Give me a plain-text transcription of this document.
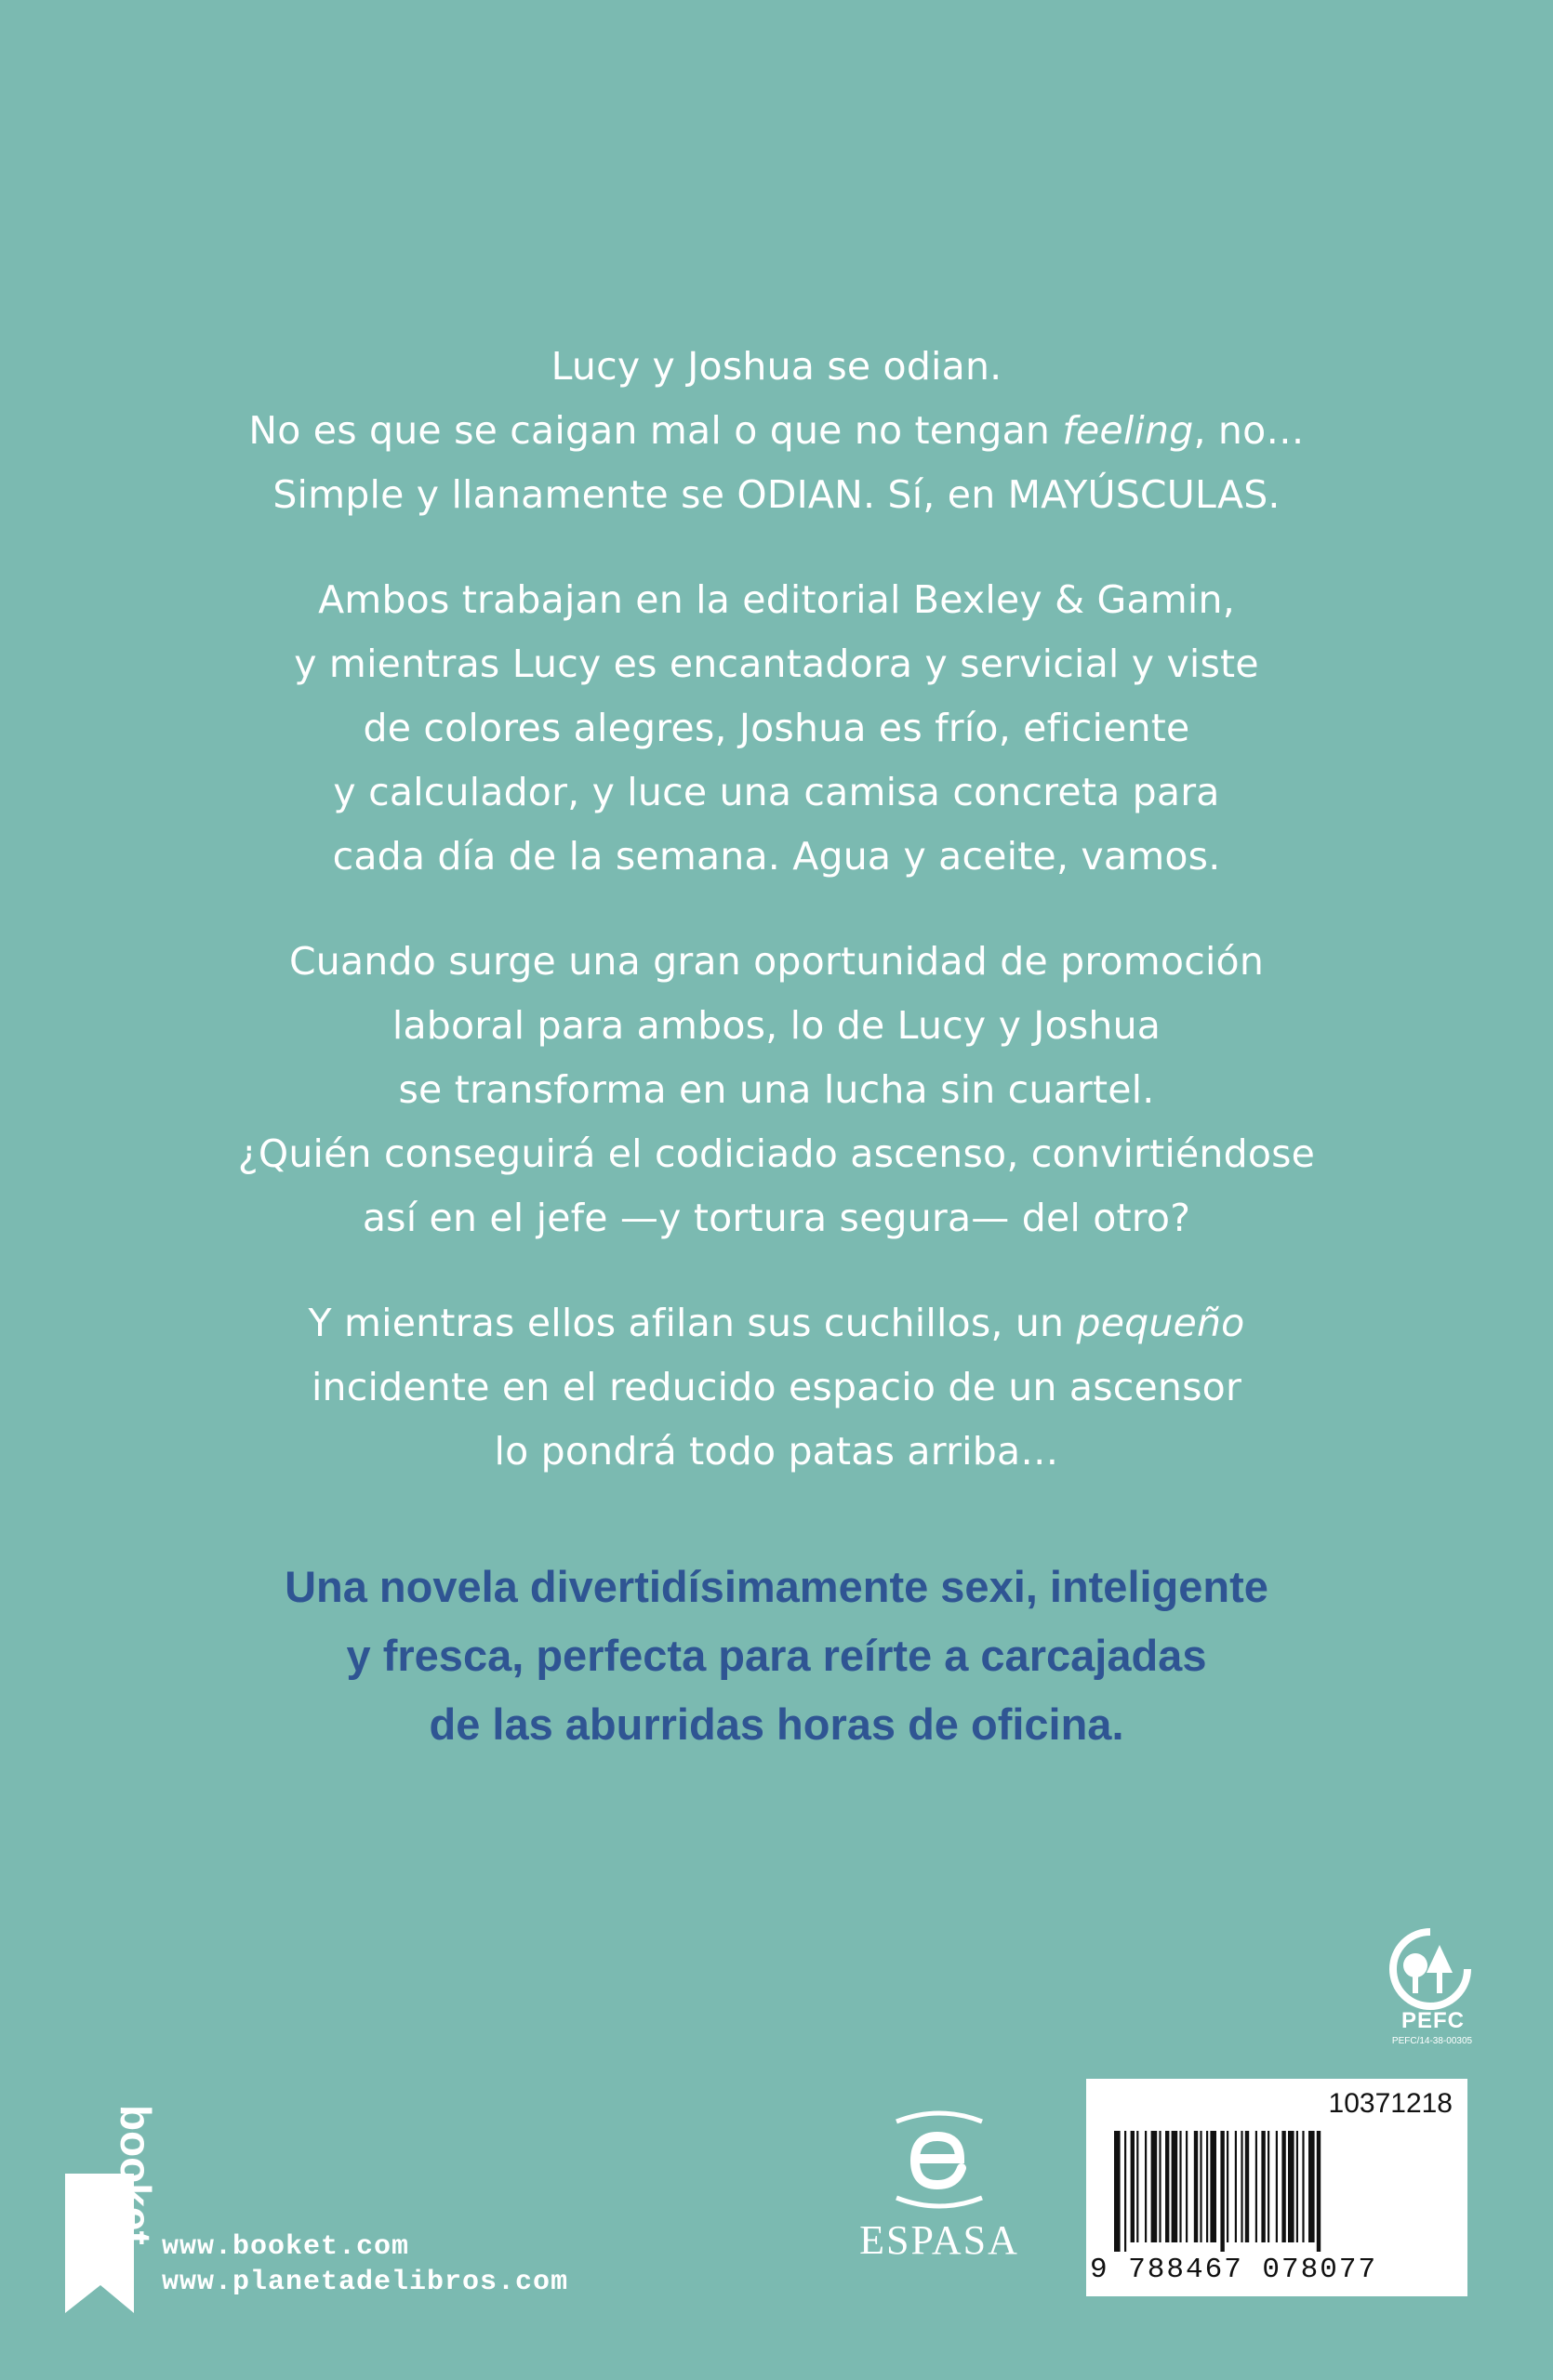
Lucy y Joshua se odian.
No es que se caigan mal o que no tengan feeling, no…
Simple y llanamente se ODIAN. Sí, en MAYÚSCULAS.
Ambos trabajan en la editorial Bexley & Gamin,
y mientras Lucy es encantadora y servicial y viste
de colores alegres, Joshua es frío, eficiente
y calculador, y luce una camisa concreta para
cada día de la semana. Agua y aceite, vamos.
Cuando surge una gran oportunidad de promoción
laboral para ambos, lo de Lucy y Joshua
se transforma en una lucha sin cuartel.
¿Quién conseguirá el codiciado ascenso, convirtiéndose
así en el jefe —y tortura segura— del otro?
Y mientras ellos afilan sus cuchillos, un pequeño
incidente en el reducido espacio de un ascensor
lo pondrá todo patas arriba…
Una novela divertidísimamente sexi, inteligente
y fresca, perfecta para reírte a carcajadas
de las aburridas horas de oficina.
PEFC
PEFC/14-38-00305
10371218
9 788467 078077
ESPASA
booket
www.booket.com
www.planetadelibros.com
